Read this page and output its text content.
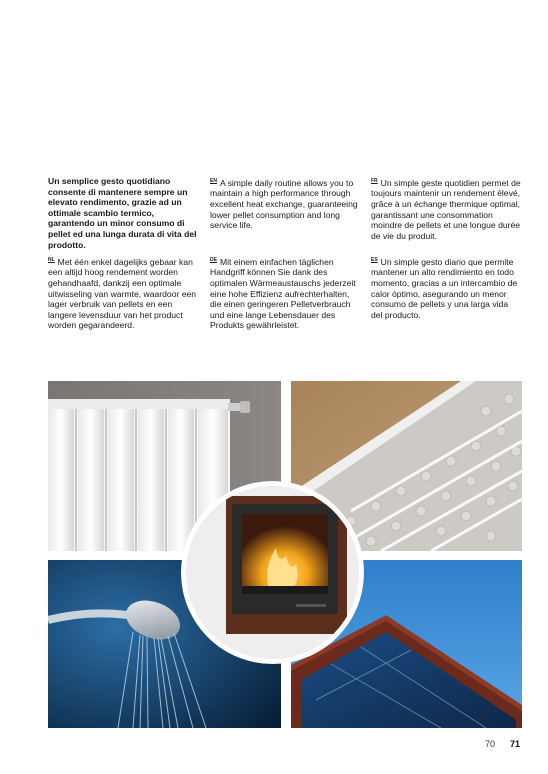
Un semplice gesto quotidiano consente di mantenere sempre un elevato rendimento, grazie ad un ottimale scambio termico, garantendo un minor consumo di pellet ed una lunga durata di vita del prodotto.

$^{EN}$ A simple daily routine allows you to maintain a high performance through excellent heat exchange, guaranteeing lower pellet consumption and long service life.

$^{FR}$ Un simple geste quotidien permet de toujours maintenir un rendement élevé, grâce à un échange thermique optimal, garantissant une consommation moindre de pellets et une longue durée de vie du produit.

$^{NL}$ Met één enkel dagelijks gebaar kan een altijd hoog rendement worden gehandhaafd, dankzij een optimale uitwisseling van warmte, waardoor een lager verbruik van pellets en een langere levensduur van het product worden gegarandeerd.

$^{DE}$ Mit einem einfachen täglichen Handgriff können Sie dank des optimalen Wärmeaustauschs jederzeit eine hohe Effizienz aufrechterhalten, die einen geringeren Pelletverbrauch und eine lange Lebensdauer des Produkts gewährleistet.

$^{ES}$ Un simple gesto diario que permite mantener un alto rendimiento en todo momento, gracias a un intercambio de calor óptimo, asegurando un menor consumo de pellets y una larga vida del producto.

70 71
